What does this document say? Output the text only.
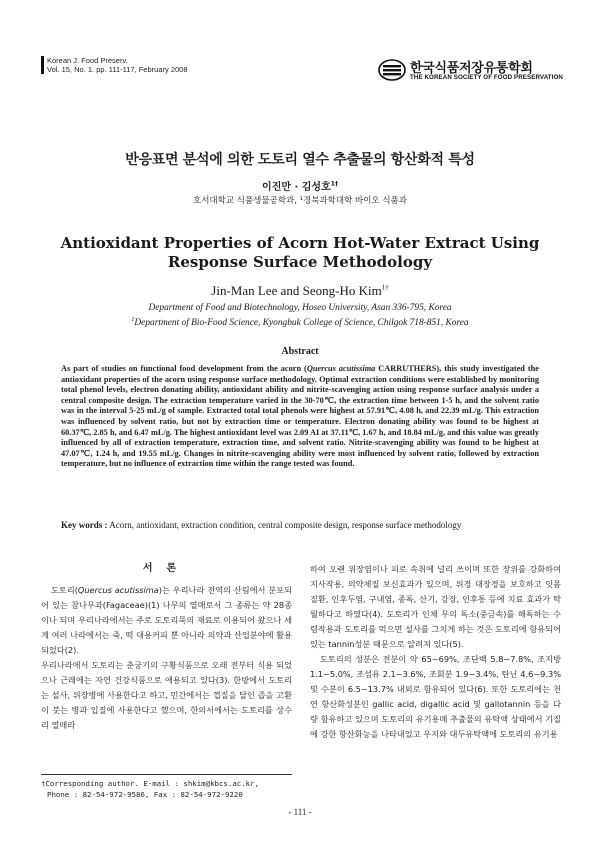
Korean J. Food Preserv.
Vol. 15, No. 1. pp. 111-117, February 2008	한국식품저장유통학회
THE KOREAN SOCIETY OF FOOD PRESERVATION
반응표면 분석에 의한 도토리 열수 추출물의 항산화적 특성
이진만 · 김성호$^{1\dagger}$
호서대학교 식품생물공학과, ¹경북과학대학 바이오 식품과
Antioxidant Properties of Acorn Hot-Water Extract Using Response Surface Methodology
Jin-Man Lee and Seong-Ho Kim$^{1\dagger}$
Department of Food and Biotechnology, Hoseo University, Asan 336-795, Korea
$^1$Department of Bio-Food Science, Kyongbuk College of Science, Chilgok 718-851, Korea
Abstract
As part of studies on functional food development from the acorn (Quercus acutissima CARRUTHERS), this study investigated the antioxidant properties of the acorn using response surface methodology. Optimal extraction conditions were established by monitoring total phenol levels, electron donating ability, antioxidant ability and nitrite-scavenging action using response surface analysis under a central composite design. The extraction temperature varied in the 30-70℃, the extraction time between 1-5 h, and the solvent ratio was in the interval 5-25 mL/g of sample. Extracted total total phenols were highest at 57.91℃, 4.08 h, and 22.39 mL/g. This extraction was influenced by solvent ratio, but not by extraction time or temperature. Electron donating ability was found to be highest at 60.37℃, 2.85 h, and 6.47 mL/g. The highest antioxidant level was 2.09 AI at 37.11℃, 1.67 h, and 18.84 mL/g, and this value was greatly influenced by all of extraction temperature, extraction time, and solvent ratio. Nitrite-scavenging ability was found to be highest at 47.07℃, 1.24 h, and 19.55 mL/g. Changes in nitrite-scavenging ability were most influenced by solvent ratio, followed by extraction temperature, but no influence of extraction time within the range tested was found.
Key words : Acorn, antioxidant, extraction condition, central composite design, response surface methodology
서론

도토리(Quercus acutissima)는 우리나라 전역의 산림에서 분포되어 있는 참나무과(Fagaceae)(1) 나무의 열매로서 그 종류는 약 28종이나 되며 우리나라에서는 주로 도토리묵의 재료로 이용되어 왔으나 세계 여러 나라에서는 죽, 떡 대용커피 뿐 아니라 의약과 산업분야에 활용되었다(2).

우리나라에서 도토리는 춘궁기의 구황식품으로 오래 전부터 식용 되었으나 근래에는 자연 건강식품으로 애용되고 있다(3). 한방에서 도토리는 설사, 위장병에 사용한다고 하고, 민간에서는 껍질을 달인 즙을 고환이 붓는 병과 입질에 사용한다고 했으며, 한의서에서는 도토리를 상수리 열매라

하여 오랜 위장염이나 피로 속취에 널리 쓰이며 또한 장위를 강화하여 지사작용, 의약체질 보신효과가 있으며, 위경 대장경을 보호하고 잇몸질환, 인후두염, 구내염, 종독, 산기, 강장, 인후통 등에 치료 효과가 탁월하다고 하였다(4). 도토리가 인체 무의 독소(중금속)를 해독하는 수렴작용과 도토리를 먹으면 설사를 그치게 하는 것은 도토리에 함유되어 있는 tannin성분 때문으로 알려져 있다(5).

도토리의 성분은 전분이 약 65~69%, 조단백 5.8~7.8%, 조지방 1.1~5.0%, 조섬유 2.1~3.6%, 조회분 1.9~3.4%, 탄닌 4.6~9.3% 및 수분이 6.5~13.7% 내외로 함유되어 있다(6). 또한 도토리에는 천연 항산화성분인 gallic acid, digallic acid 및 gallotannin 등을 다량 함유하고 있으며 도토리의 유기용매 추출물의 유탁액 상태에서 기질에 강한 항산화능을 나타내었고 우지와 대두유탁액에 도토리의 유기용

†Corresponding author. E-mail : shkim@kbcs.ac.kr,
Phone : 82-54-972-9586, Fax : 82-54-972-9220
- 111 -
